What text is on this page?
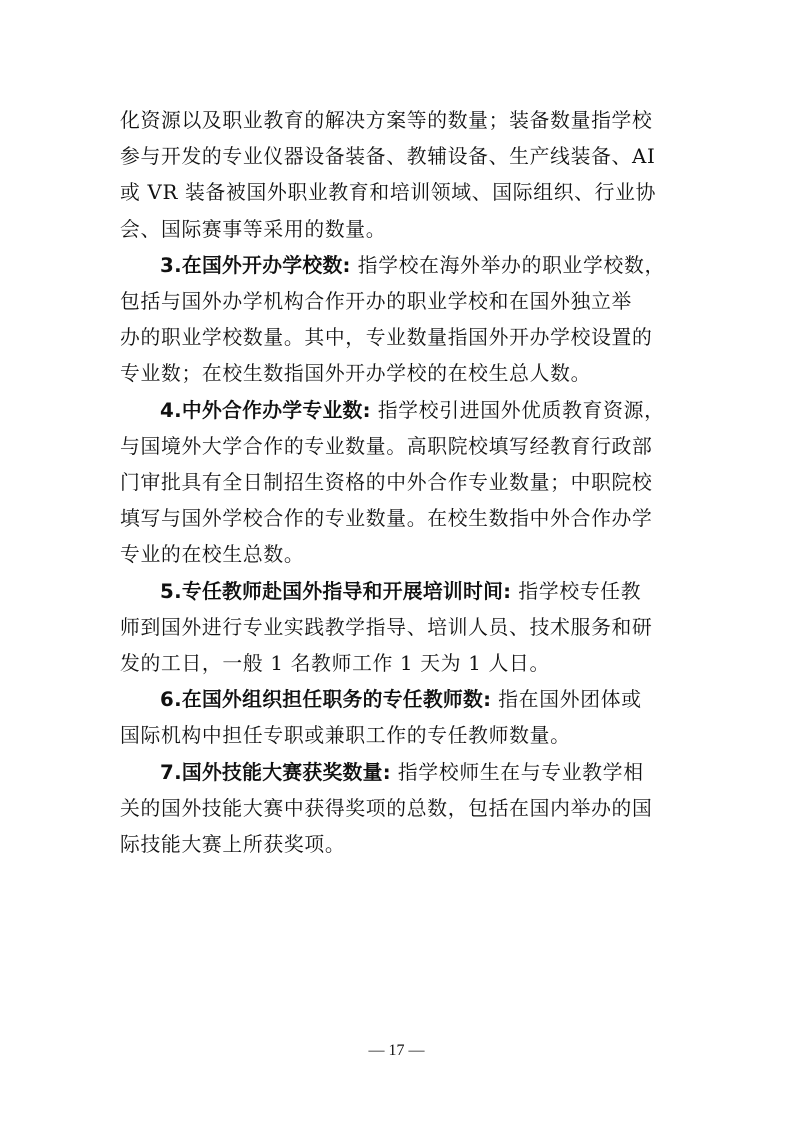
化资源以及职业教育的解决方案等的数量；装备数量指学校
参与开发的专业仪器设备装备、教辅设备、生产线装备、AI
或 VR 装备被国外职业教育和培训领域、国际组织、行业协
会、国际赛事等采用的数量。

3.在国外开办学校数: 指学校在海外举办的职业学校数，
包括与国外办学机构合作开办的职业学校和在国外独立举
办的职业学校数量。其中，专业数量指国外开办学校设置的
专业数；在校生数指国外开办学校的在校生总人数。

4.中外合作办学专业数: 指学校引进国外优质教育资源，
与国境外大学合作的专业数量。高职院校填写经教育行政部
门审批具有全日制招生资格的中外合作专业数量；中职院校
填写与国外学校合作的专业数量。在校生数指中外合作办学
专业的在校生总数。

5.专任教师赴国外指导和开展培训时间: 指学校专任教
师到国外进行专业实践教学指导、培训人员、技术服务和研
发的工日，一般 1 名教师工作 1 天为 1 人日。

6.在国外组织担任职务的专任教师数: 指在国外团体或
国际机构中担任专职或兼职工作的专任教师数量。

7.国外技能大赛获奖数量: 指学校师生在与专业教学相
关的国外技能大赛中获得奖项的总数，包括在国内举办的国
际技能大赛上所获奖项。

— 17 —
